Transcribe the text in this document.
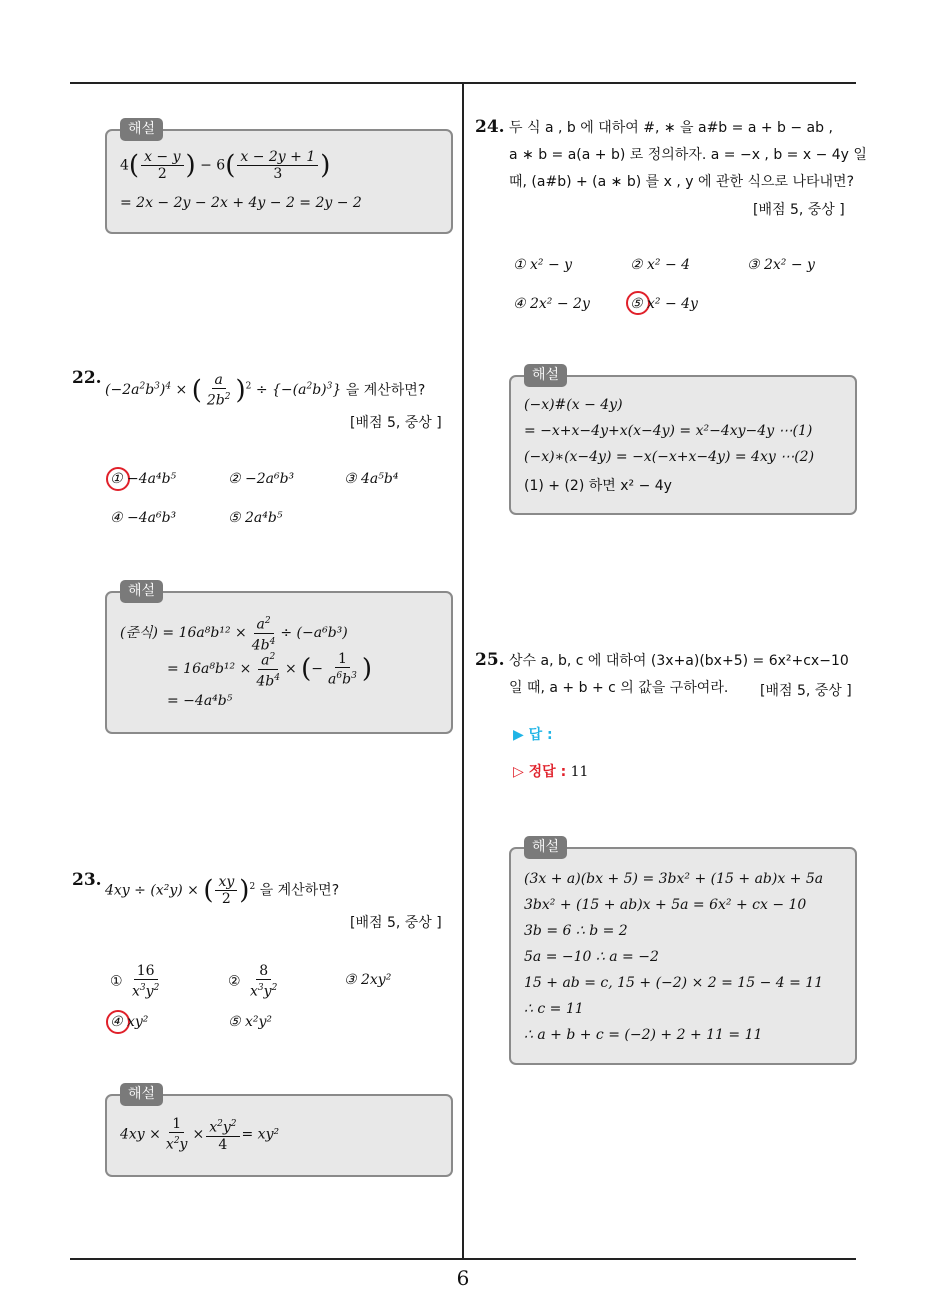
해설
$4( \frac{x - y}{2}$ ) − $6( \frac{x - 2y + 1}{3}$ )
= 2x − 2y − 2x + 4y − 2 = 2y − 2
22.
$(-2a^2b^3)^4$ × ( $\frac{a}{2b^2} )^2 \div \{-(a^2b)^3\}$ 을 계산하면?
[배점 5, 중상 ]
① −4a⁴b⁵	② −2a⁶b³	③ 4a⁵b⁴
④ −4a⁶b³	⑤ 2a⁴b⁵
해설
(준식) = $16a^8b^{12} \times \frac{a^2}{4b^4} \div (-a^6b^3)$
= $16a^8b^{12} \times \frac{a^2}{4b^4}$ × (− $\frac{1}{a^6b^3}$ )
= −4a⁴b⁵
23.
4xy ÷ (x²y) × ( $\frac{xy}{2} )^2$ 을 계산하면?
[배점 5, 중상 ]
① $\frac{16}{x^3y^2}$	② $\frac{8}{x^3y^2}$	③ 2xy²
④ xy²	⑤ x²y²
해설
$4xy \times \frac{1}{x^2y} \times \frac{x^2y^2}{4} = xy^2$
24. 두 식 a , b 에 대하여 #, ∗ 을 a#b = a + b − ab ,
a ∗ b = a(a + b) 로 정의하자. a = −x , b = x − 4y 일
때, (a#b) + (a ∗ b) 를 x , y 에 관한 식으로 나타내면?
[배점 5, 중상 ]
① x² − y	② x² − 4	③ 2x² − y
④ 2x² − 2y	⑤ x² − 4y
해설
(−x)#(x − 4y)
= −x+x−4y+x(x−4y) = x²−4xy−4y ⋯(1)
(−x)∗(x−4y) = −x(−x+x−4y) = 4xy ⋯(2)
(1) + (2) 하면 x² − 4y
25. 상수 a, b, c 에 대하여 (3x+a)(bx+5) = 6x²+cx−10
일 때, a + b + c 의 값을 구하여라. [배점 5, 중상 ]
▶ 답 :
▷ 정답 : 11
해설
(3x + a)(bx + 5) = 3bx² + (15 + ab)x + 5a
3bx² + (15 + ab)x + 5a = 6x² + cx − 10
3b = 6 ∴ b = 2
5a = −10 ∴ a = −2
15 + ab = c, 15 + (−2) × 2 = 15 − 4 = 11
∴ c = 11
∴ a + b + c = (−2) + 2 + 11 = 11
6
